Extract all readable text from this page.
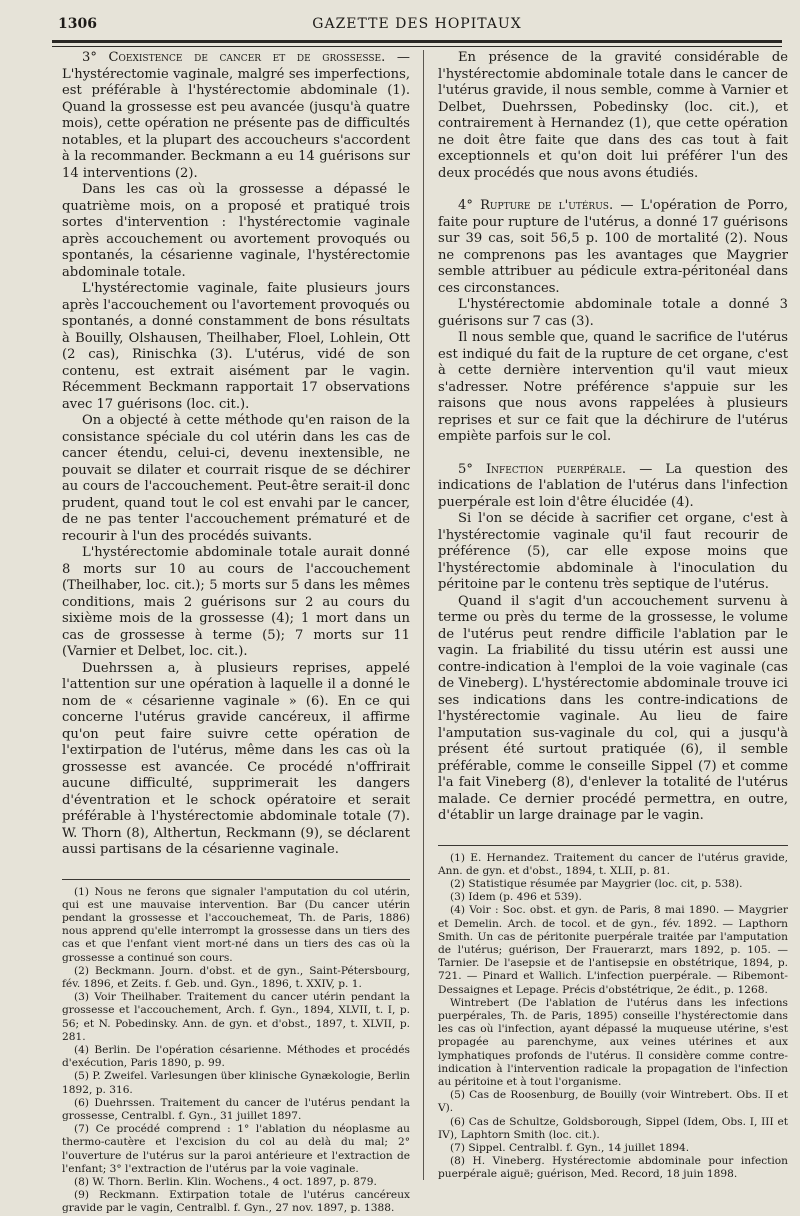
1306	GAZETTE DES HOPITAUX

3° Coexistence de cancer et de grossesse. — L'hystérectomie vaginale, malgré ses imperfections, est préférable à l'hystérectomie abdominale (1). Quand la grossesse est peu avancée (jusqu'à quatre mois), cette opération ne présente pas de difficultés notables, et la plupart des accoucheurs s'accordent à la recommander. Beckmann a eu 14 guérisons sur 14 interventions (2).

Dans les cas où la grossesse a dépassé le quatrième mois, on a proposé et pratiqué trois sortes d'intervention : l'hystérectomie vaginale après accouchement ou avortement provoqués ou spontanés, la césarienne vaginale, l'hystérectomie abdominale totale.

L'hystérectomie vaginale, faite plusieurs jours après l'accouchement ou l'avortement provoqués ou spontanés, a donné constamment de bons résultats à Bouilly, Olshausen, Theilhaber, Floel, Lohlein, Ott (2 cas), Rinischka (3). L'utérus, vidé de son contenu, est extrait aisément par le vagin. Récemment Beckmann rapportait 17 observations avec 17 guérisons (loc. cit.).

On a objecté à cette méthode qu'en raison de la consistance spéciale du col utérin dans les cas de cancer étendu, celui-ci, devenu inextensible, ne pouvait se dilater et courrait risque de se déchirer au cours de l'accouchement. Peut-être serait-il donc prudent, quand tout le col est envahi par le cancer, de ne pas tenter l'accouchement prématuré et de recourir à l'un des procédés suivants.

L'hystérectomie abdominale totale aurait donné 8 morts sur 10 au cours de l'accouchement (Theilhaber, loc. cit.); 5 morts sur 5 dans les mêmes conditions, mais 2 guérisons sur 2 au cours du sixième mois de la grossesse (4); 1 mort dans un cas de grossesse à terme (5); 7 morts sur 11 (Varnier et Delbet, loc. cit.).

Duehrssen a, à plusieurs reprises, appelé l'attention sur une opération à laquelle il a donné le nom de « césarienne vaginale » (6). En ce qui concerne l'utérus gravide cancéreux, il affirme qu'on peut faire suivre cette opération de l'extirpation de l'utérus, même dans les cas où la grossesse est avancée. Ce procédé n'offrirait aucune difficulté, supprimerait les dangers d'éventration et le schock opératoire et serait préférable à l'hystérectomie abdominale totale (7). W. Thorn (8), Althertun, Reckmann (9), se déclarent aussi partisans de la césarienne vaginale.

(1) Nous ne ferons que signaler l'amputation du col utérin, qui est une mauvaise intervention. Bar (Du cancer utérin pendant la grossesse et l'accouchemeat, Th. de Paris, 1886) nous apprend qu'elle interrompt la grossesse dans un tiers des cas et que l'enfant vient mort-né dans un tiers des cas où la grossesse a continué son cours.

(2) Beckmann. Journ. d'obst. et de gyn., Saint-Pétersbourg, fév. 1896, et Zeits. f. Geb. und. Gyn., 1896, t. XXIV, p. 1.

(3) Voir Theilhaber. Traitement du cancer utérin pendant la grossesse et l'accouchement, Arch. f. Gyn., 1894, XLVII, t. I, p. 56; et N. Pobedinsky. Ann. de gyn. et d'obst., 1897, t. XLVII, p. 281.

(4) Berlin. De l'opération césarienne. Méthodes et procédés d'exécution, Paris 1890, p. 99.

(5) P. Zweifel. Varlesungen über klinische Gynækologie, Berlin 1892, p. 316.

(6) Duehrssen. Traitement du cancer de l'utérus pendant la grossesse, Centralbl. f. Gyn., 31 juillet 1897.

(7) Ce procédé comprend : 1° l'ablation du néoplasme au thermo-cautère et l'excision du col au delà du mal; 2° l'ouverture de l'utérus sur la paroi antérieure et l'extraction de l'enfant; 3° l'extraction de l'utérus par la voie vaginale.

(8) W. Thorn. Berlin. Klin. Wochens., 4 oct. 1897, p. 879.

(9) Reckmann. Extirpation totale de l'utérus cancéreux gravide par le vagin, Centralbl. f. Gyn., 27 nov. 1897, p. 1388.

En présence de la gravité considérable de l'hystérectomie abdominale totale dans le cancer de l'utérus gravide, il nous semble, comme à Varnier et Delbet, Duehrssen, Pobedinsky (loc. cit.), et contrairement à Hernandez (1), que cette opération ne doit être faite que dans des cas tout à fait exceptionnels et qu'on doit lui préférer l'un des deux procédés que nous avons étudiés.

4° Rupture de l'utérus. — L'opération de Porro, faite pour rupture de l'utérus, a donné 17 guérisons sur 39 cas, soit 56,5 p. 100 de mortalité (2). Nous ne comprenons pas les avantages que Maygrier semble attribuer au pédicule extra-péritonéal dans ces circonstances.

L'hystérectomie abdominale totale a donné 3 guérisons sur 7 cas (3).

Il nous semble que, quand le sacrifice de l'utérus est indiqué du fait de la rupture de cet organe, c'est à cette dernière intervention qu'il vaut mieux s'adresser. Notre préférence s'appuie sur les raisons que nous avons rappelées à plusieurs reprises et sur ce fait que la déchirure de l'utérus empiète parfois sur le col.

5° Infection puerpérale. — La question des indications de l'ablation de l'utérus dans l'infection puerpérale est loin d'être élucidée (4).

Si l'on se décide à sacrifier cet organe, c'est à l'hystérectomie vaginale qu'il faut recourir de préférence (5), car elle expose moins que l'hystérectomie abdominale à l'inoculation du péritoine par le contenu très septique de l'utérus.

Quand il s'agit d'un accouchement survenu à terme ou près du terme de la grossesse, le volume de l'utérus peut rendre difficile l'ablation par le vagin. La friabilité du tissu utérin est aussi une contre-indication à l'emploi de la voie vaginale (cas de Vineberg). L'hystérectomie abdominale trouve ici ses indications dans les contre-indications de l'hystérectomie vaginale. Au lieu de faire l'amputation sus-vaginale du col, qui a jusqu'à présent été surtout pratiquée (6), il semble préférable, comme le conseille Sippel (7) et comme l'a fait Vineberg (8), d'enlever la totalité de l'utérus malade. Ce dernier procédé permettra, en outre, d'établir un large drainage par le vagin.

(1) E. Hernandez. Traitement du cancer de l'utérus gravide, Ann. de gyn. et d'obst., 1894, t. XLII, p. 81.

(2) Statistique résumée par Maygrier (loc. cit, p. 538).

(3) Idem (p. 496 et 539).

(4) Voir : Soc. obst. et gyn. de Paris, 8 mai 1890. — Maygrier et Demelin. Arch. de tocol. et de gyn., fév. 1892. — Lapthorn Smith. Un cas de péritonite puerpérale traitée par l'amputation de l'utérus; guérison, Der Frauerarzt, mars 1892, p. 105. — Tarnier. De l'asepsie et de l'antisepsie en obstétrique, 1894, p. 721. — Pinard et Wallich. L'infection puerpérale. — Ribemont-Dessaignes et Lepage. Précis d'obstétrique, 2e édit., p. 1268.

Wintrebert (De l'ablation de l'utérus dans les infections puerpérales, Th. de Paris, 1895) conseille l'hystérectomie dans les cas où l'infection, ayant dépassé la muqueuse utérine, s'est propagée au parenchyme, aux veines utérines et aux lymphatiques profonds de l'utérus. Il considère comme contre-indication à l'intervention radicale la propagation de l'infection au péritoine et à tout l'organisme.

(5) Cas de Roosenburg, de Bouilly (voir Wintrebert. Obs. II et V).

(6) Cas de Schultze, Goldsborough, Sippel (Idem, Obs. I, III et IV), Laphtorn Smith (loc. cit.).

(7) Sippel. Centralbl. f. Gyn., 14 juillet 1894.

(8) H. Vineberg. Hystérectomie abdominale pour infection puerpérale aiguë; guérison, Med. Record, 18 juin 1898.
